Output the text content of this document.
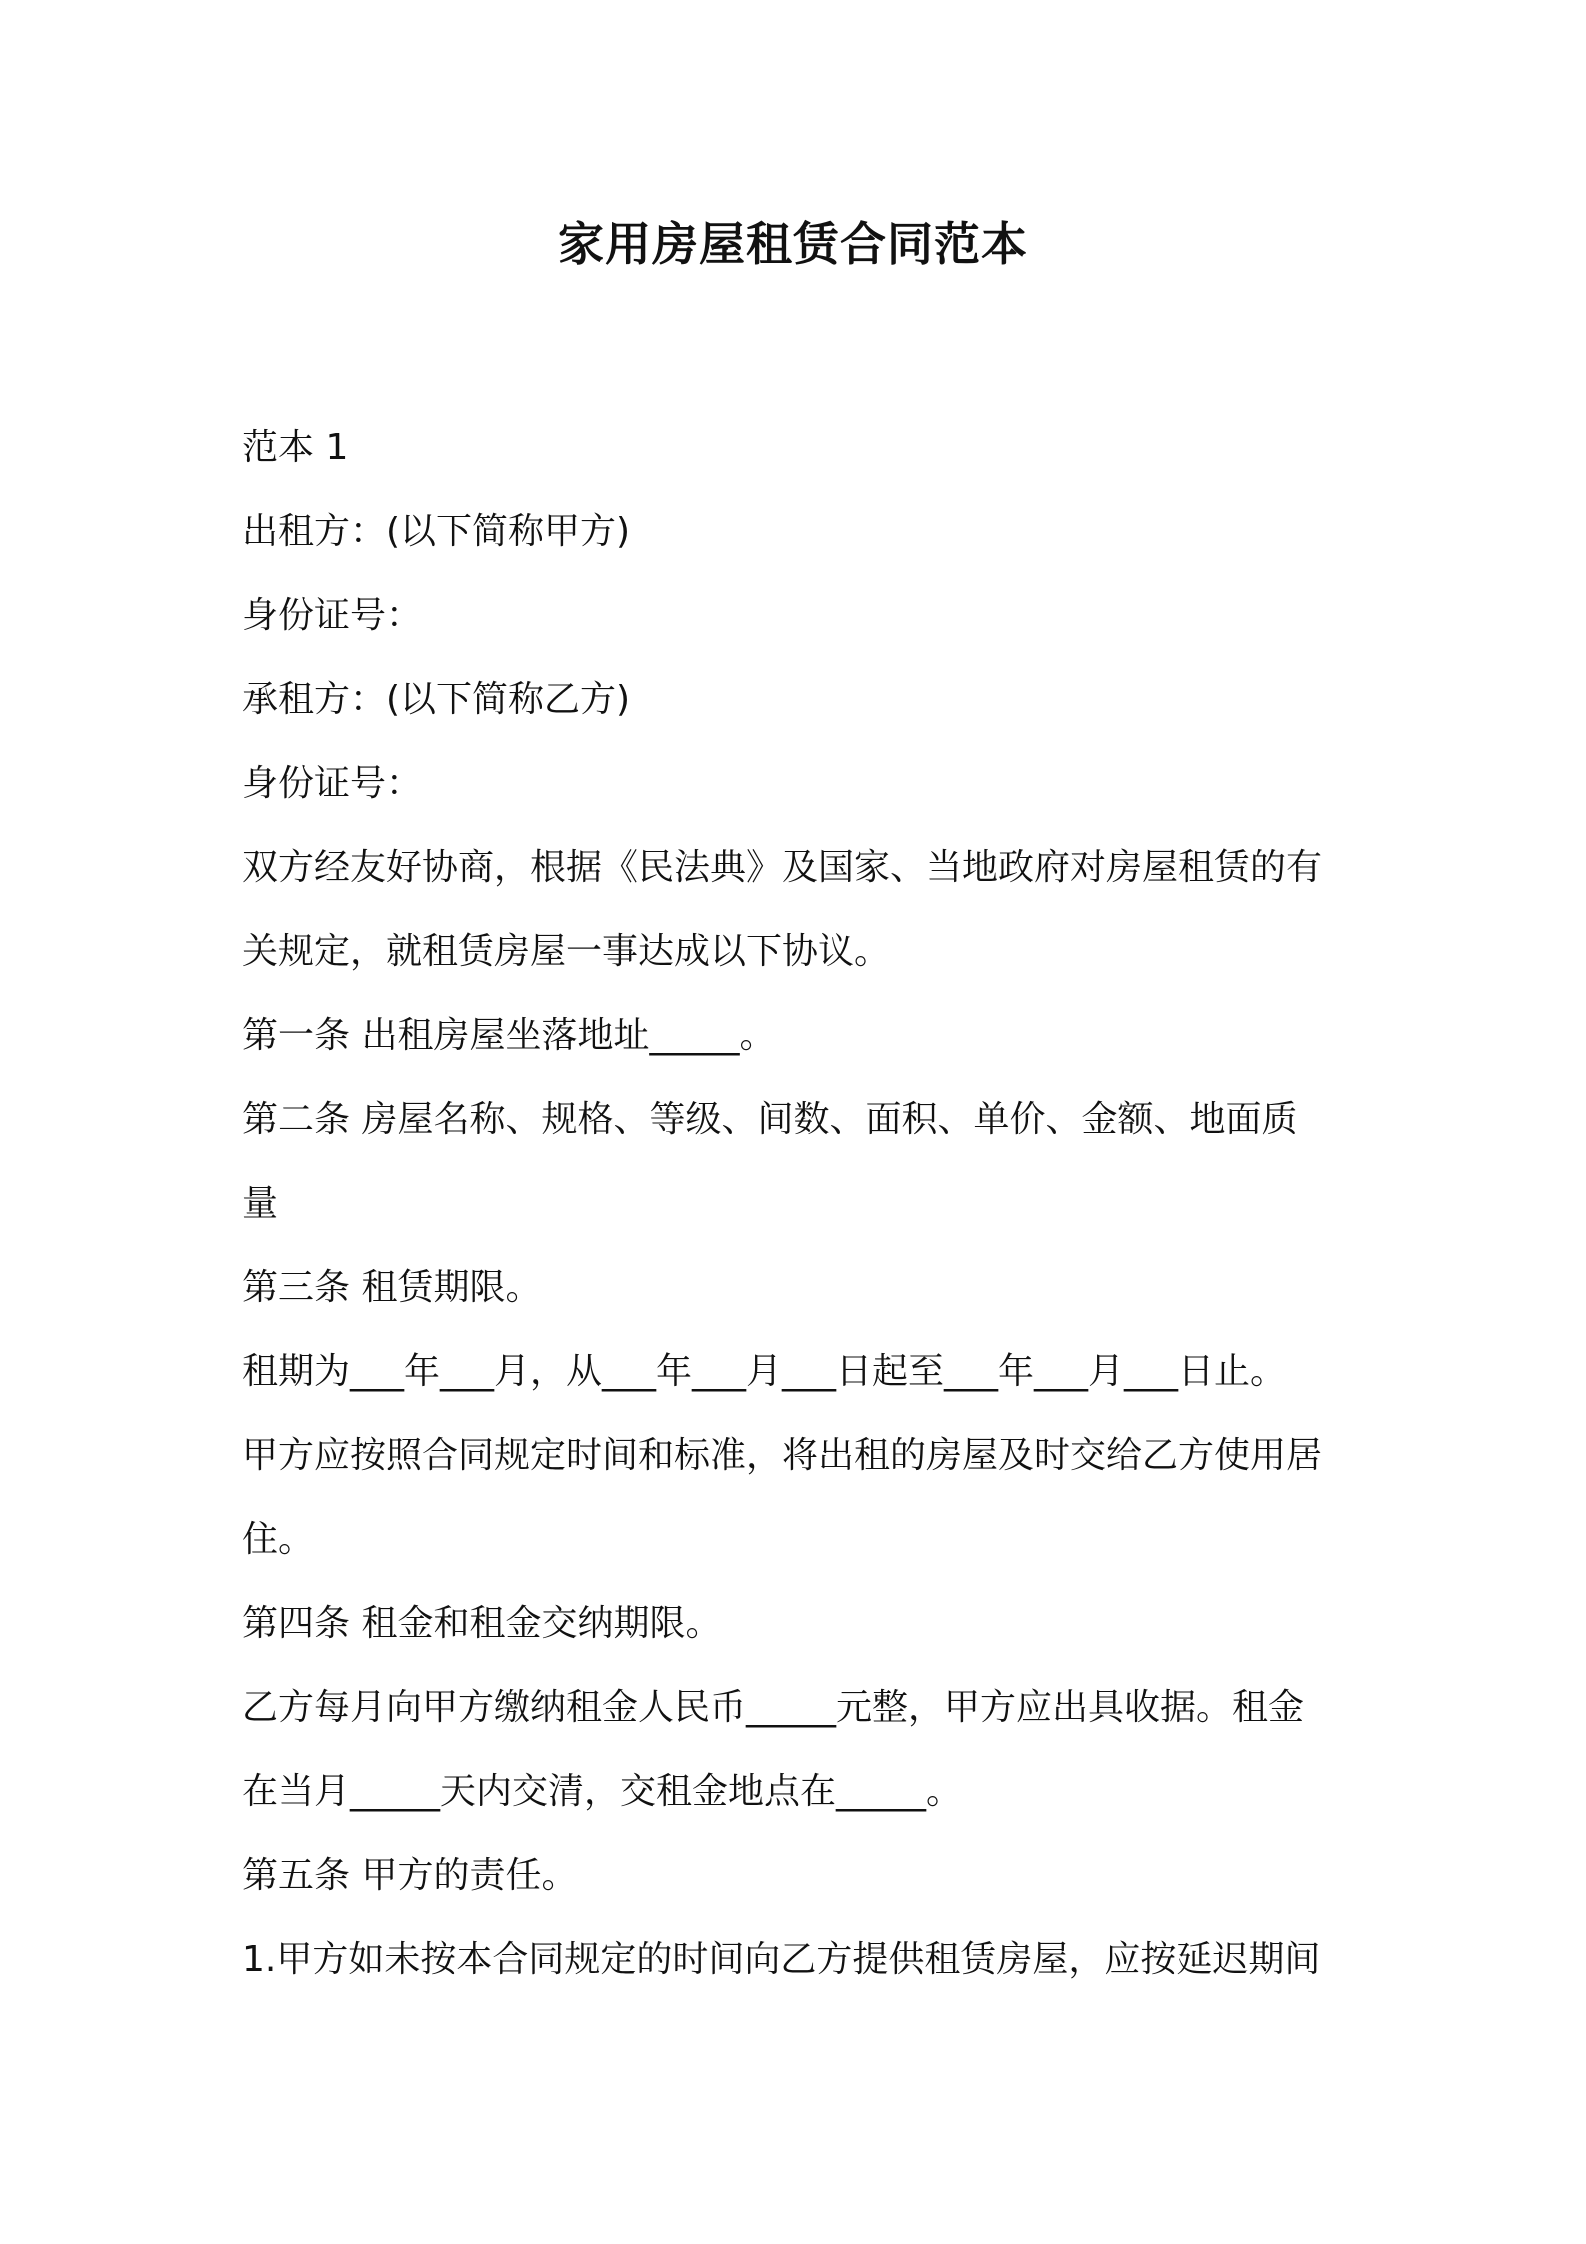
家用房屋租赁合同范本
范本 1
出租方：(以下简称甲方)
身份证号：
承租方：(以下简称乙方)
身份证号：
双方经友好协商，根据《民法典》及国家、当地政府对房屋租赁的有
关规定，就租赁房屋一事达成以下协议。
第一条 出租房屋坐落地址_____。
第二条 房屋名称、规格、等级、间数、面积、单价、金额、地面质
量
第三条 租赁期限。
租期为___年___月，从___年___月___日起至___年___月___日止。
甲方应按照合同规定时间和标准，将出租的房屋及时交给乙方使用居
住。
第四条 租金和租金交纳期限。
乙方每月向甲方缴纳租金人民币_____元整，甲方应出具收据。租金
在当月_____天内交清，交租金地点在_____。
第五条 甲方的责任。
1.甲方如未按本合同规定的时间向乙方提供租赁房屋，应按延迟期间
